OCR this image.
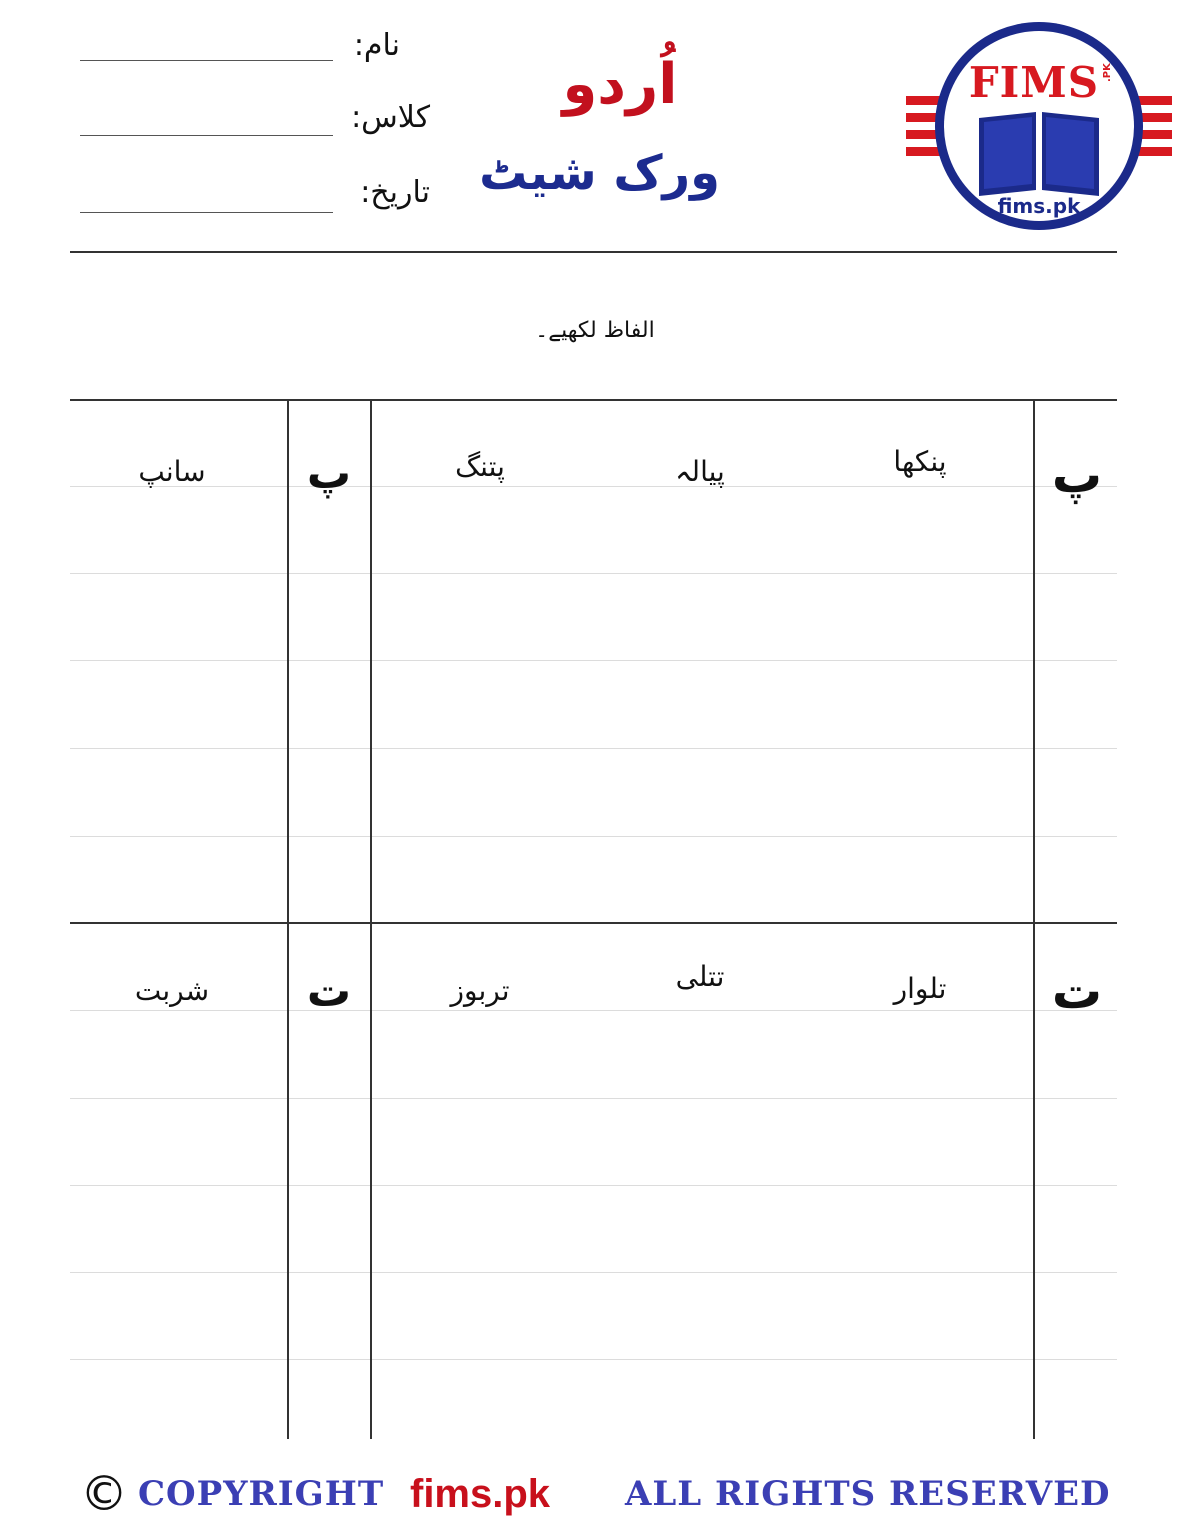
نام:
کلاس:
تاریخ:
اُردو
ورک شیٹ
FIMS .PK
fims.pk
الفاظ لکھیے۔
پ
پنکھا
پیالہ
پتنگ
پ
سانپ
ت
تلوار
تتلی
تربوز
ت
شربت
© COPYRIGHT fims.pk ALL RIGHTS RESERVED
